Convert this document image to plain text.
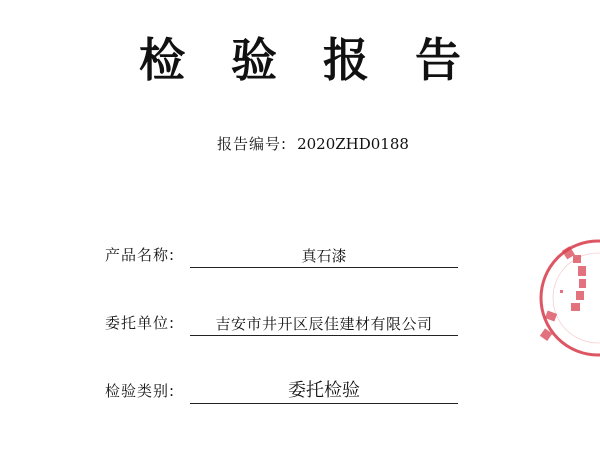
检验报告
报告编号: 2020ZHD0188
产品名称:	真石漆
委托单位:	吉安市井开区辰佳建材有限公司
检验类别:	委托检验
